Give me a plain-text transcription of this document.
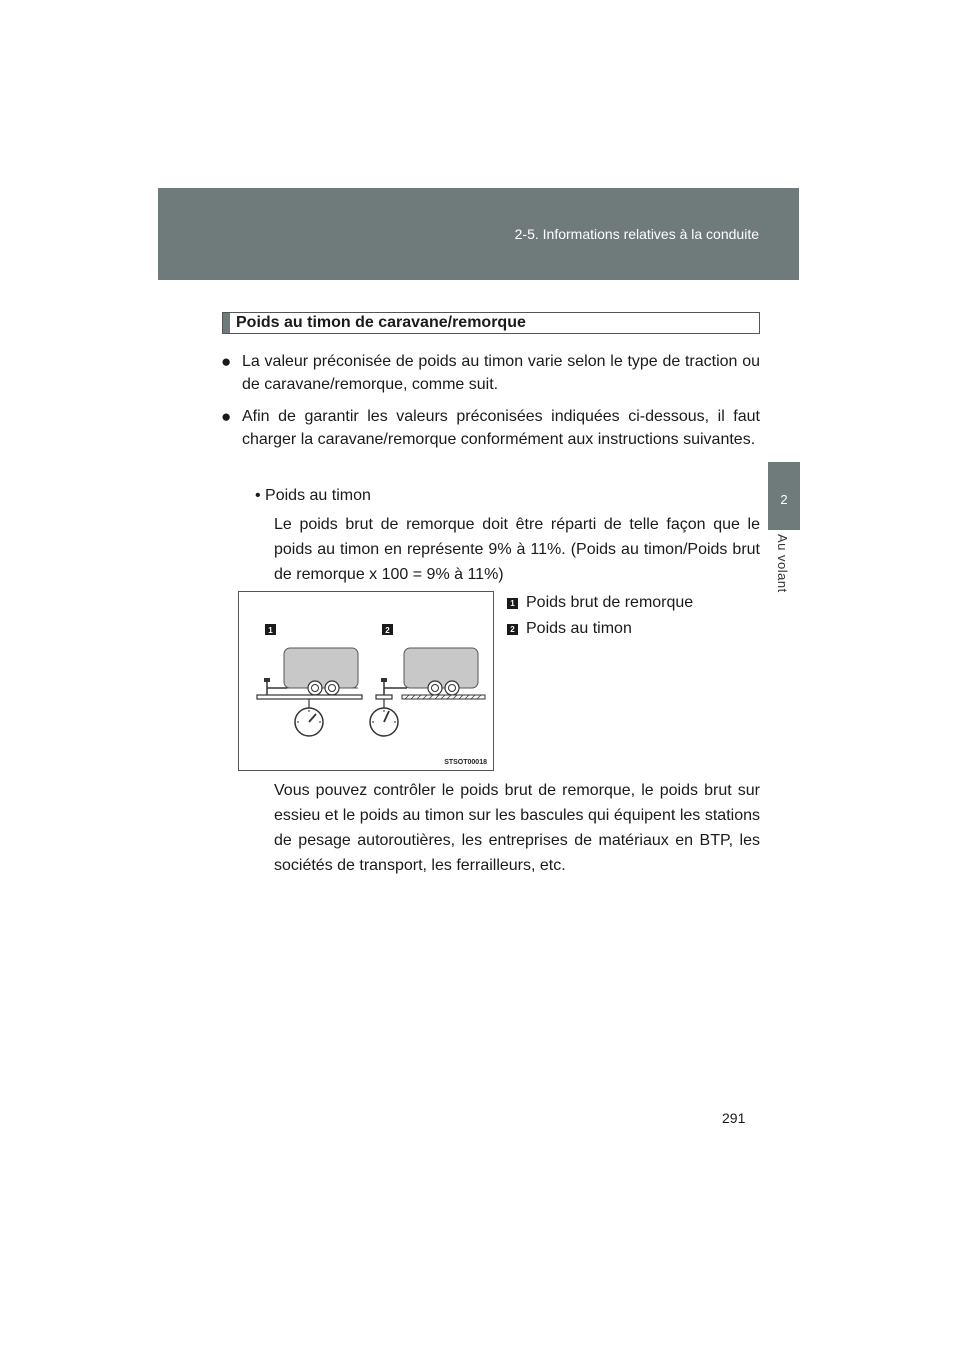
2-5. Informations relatives à la conduite
2
Au volant
Poids au timon de caravane/remorque
● La valeur préconisée de poids au timon varie selon le type de traction ou de caravane/remorque, comme suit.
● Afin de garantir les valeurs préconisées indiquées ci-dessous, il faut charger la caravane/remorque conformément aux instructions suivantes.
• Poids au timon
Le poids brut de remorque doit être réparti de telle façon que le poids au timon en représente 9% à 11%. (Poids au timon/Poids brut de remorque x 100 = 9% à 11%)
1	2
STSOT00018
1 Poids brut de remorque
2 Poids au timon
Vous pouvez contrôler le poids brut de remorque, le poids brut sur essieu et le poids au timon sur les bascules qui équipent les stations de pesage autoroutières, les entreprises de matériaux en BTP, les sociétés de transport, les ferrailleurs, etc.
291
